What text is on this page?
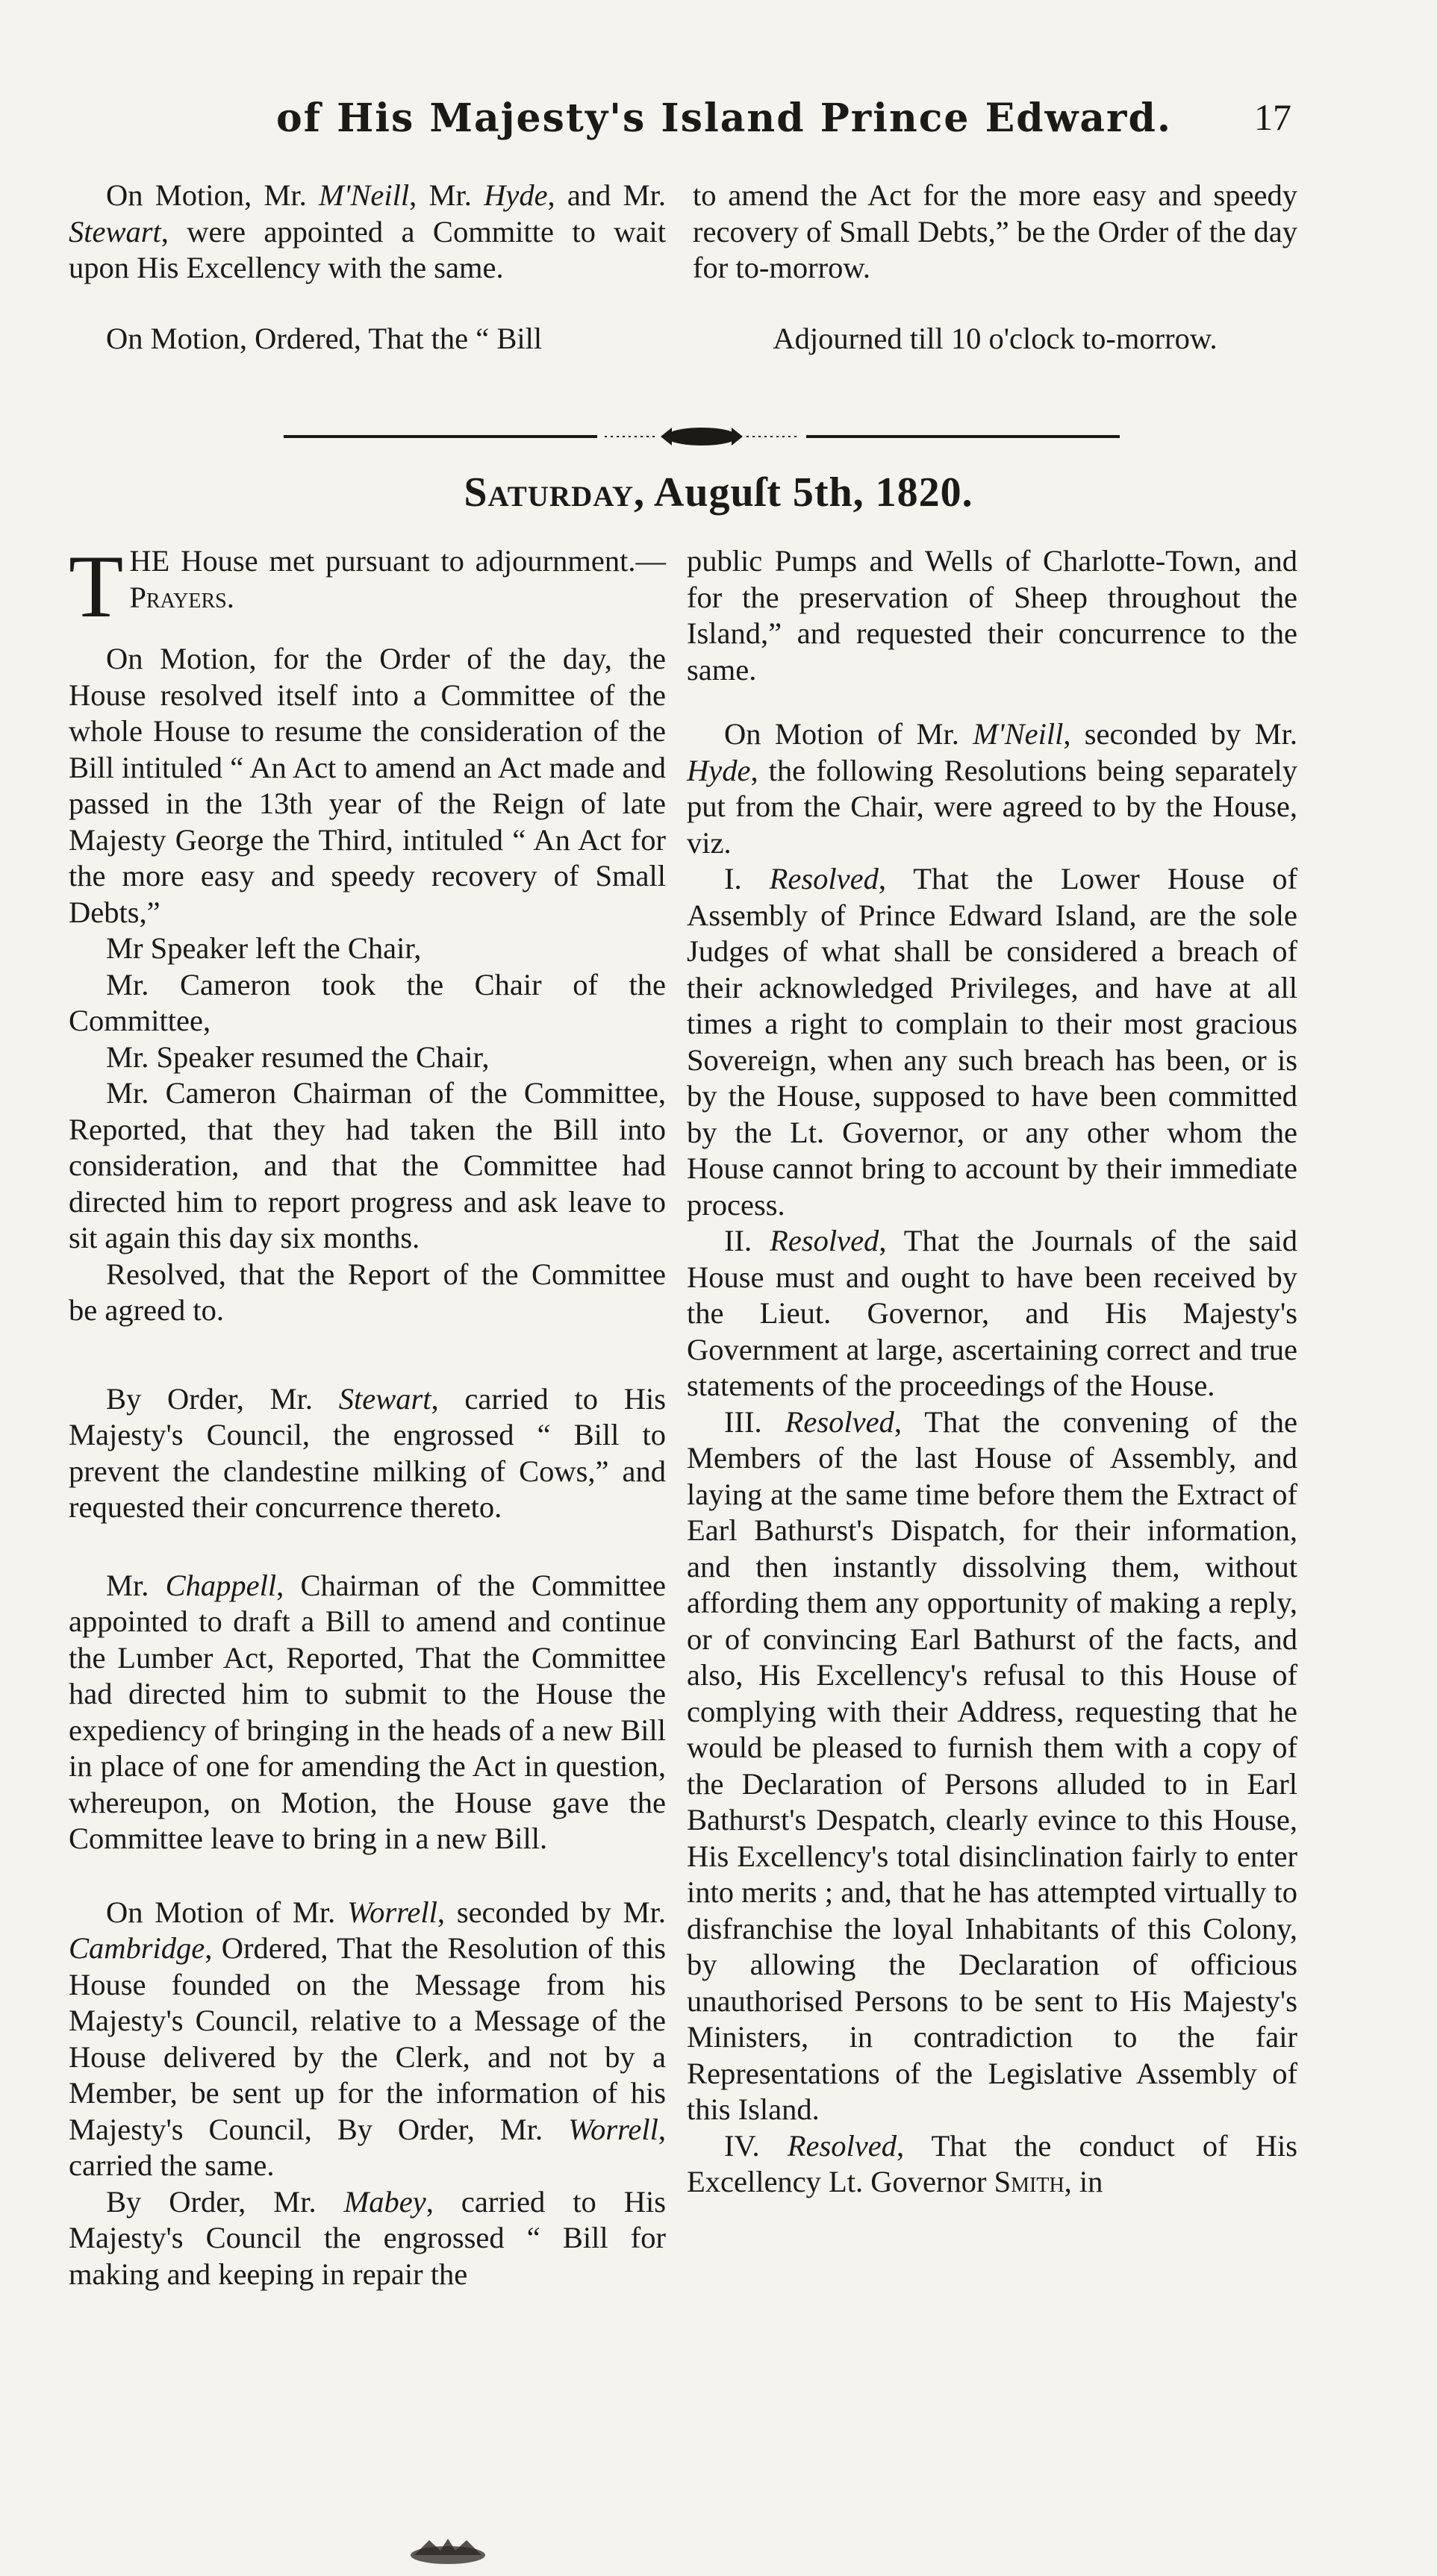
of His Majesty's Island Prince Edward. 17

On Motion, Mr. M'Neill, Mr. Hyde, and Mr. Stewart, were appointed a Committe to wait upon His Excellency with the same.

On Motion, Ordered, That the “ Bill

to amend the Act for the more easy and speedy recovery of Small Debts,” be the Order of the day for to-morrow.

Adjourned till 10 o'clock to-morrow.

Saturday, Auguſt 5th, 1820.

THE House met pursuant to adjournment.—Prayers.

On Motion, for the Order of the day, the House resolved itself into a Committee of the whole House to resume the consideration of the Bill intituled “ An Act to amend an Act made and passed in the 13th year of the Reign of late Majesty George the Third, intituled “ An Act for the more easy and speedy recovery of Small Debts,”

Mr Speaker left the Chair,

Mr. Cameron took the Chair of the Committee,

Mr. Speaker resumed the Chair,

Mr. Cameron Chairman of the Committee, Reported, that they had taken the Bill into consideration, and that the Committee had directed him to report progress and ask leave to sit again this day six months.

Resolved, that the Report of the Committee be agreed to.

By Order, Mr. Stewart, carried to His Majesty's Council, the engrossed “ Bill to prevent the clandestine milking of Cows,” and requested their concurrence thereto.

Mr. Chappell, Chairman of the Committee appointed to draft a Bill to amend and continue the Lumber Act, Reported, That the Committee had directed him to submit to the House the expediency of bringing in the heads of a new Bill in place of one for amending the Act in question, whereupon, on Motion, the House gave the Committee leave to bring in a new Bill.

On Motion of Mr. Worrell, seconded by Mr. Cambridge, Ordered, That the Resolution of this House founded on the Message from his Majesty's Council, relative to a Message of the House delivered by the Clerk, and not by a Member, be sent up for the information of his Majesty's Council, By Order, Mr. Worrell, carried the same.

By Order, Mr. Mabey, carried to His Majesty's Council the engrossed “ Bill for making and keeping in repair the

public Pumps and Wells of Charlotte-Town, and for the preservation of Sheep throughout the Island,” and requested their concurrence to the same.

On Motion of Mr. M'Neill, seconded by Mr. Hyde, the following Resolutions being separately put from the Chair, were agreed to by the House, viz.

I. Resolved, That the Lower House of Assembly of Prince Edward Island, are the sole Judges of what shall be considered a breach of their acknowledged Privileges, and have at all times a right to complain to their most gracious Sovereign, when any such breach has been, or is by the House, supposed to have been committed by the Lt. Governor, or any other whom the House cannot bring to account by their immediate process.

II. Resolved, That the Journals of the said House must and ought to have been received by the Lieut. Governor, and His Majesty's Government at large, ascertaining correct and true statements of the proceedings of the House.

III. Resolved, That the convening of the Members of the last House of Assembly, and laying at the same time before them the Extract of Earl Bathurst's Dispatch, for their information, and then instantly dissolving them, without affording them any opportunity of making a reply, or of convincing Earl Bathurst of the facts, and also, His Excellency's refusal to this House of complying with their Address, requesting that he would be pleased to furnish them with a copy of the Declaration of Persons alluded to in Earl Bathurst's Despatch, clearly evince to this House, His Excellency's total disinclination fairly to enter into merits ; and, that he has attempted virtually to disfranchise the loyal Inhabitants of this Colony, by allowing the Declaration of officious unauthorised Persons to be sent to His Majesty's Ministers, in contradiction to the fair Representations of the Legislative Assembly of this Island.

IV. Resolved, That the conduct of His Excellency Lt. Governor Smith, in
